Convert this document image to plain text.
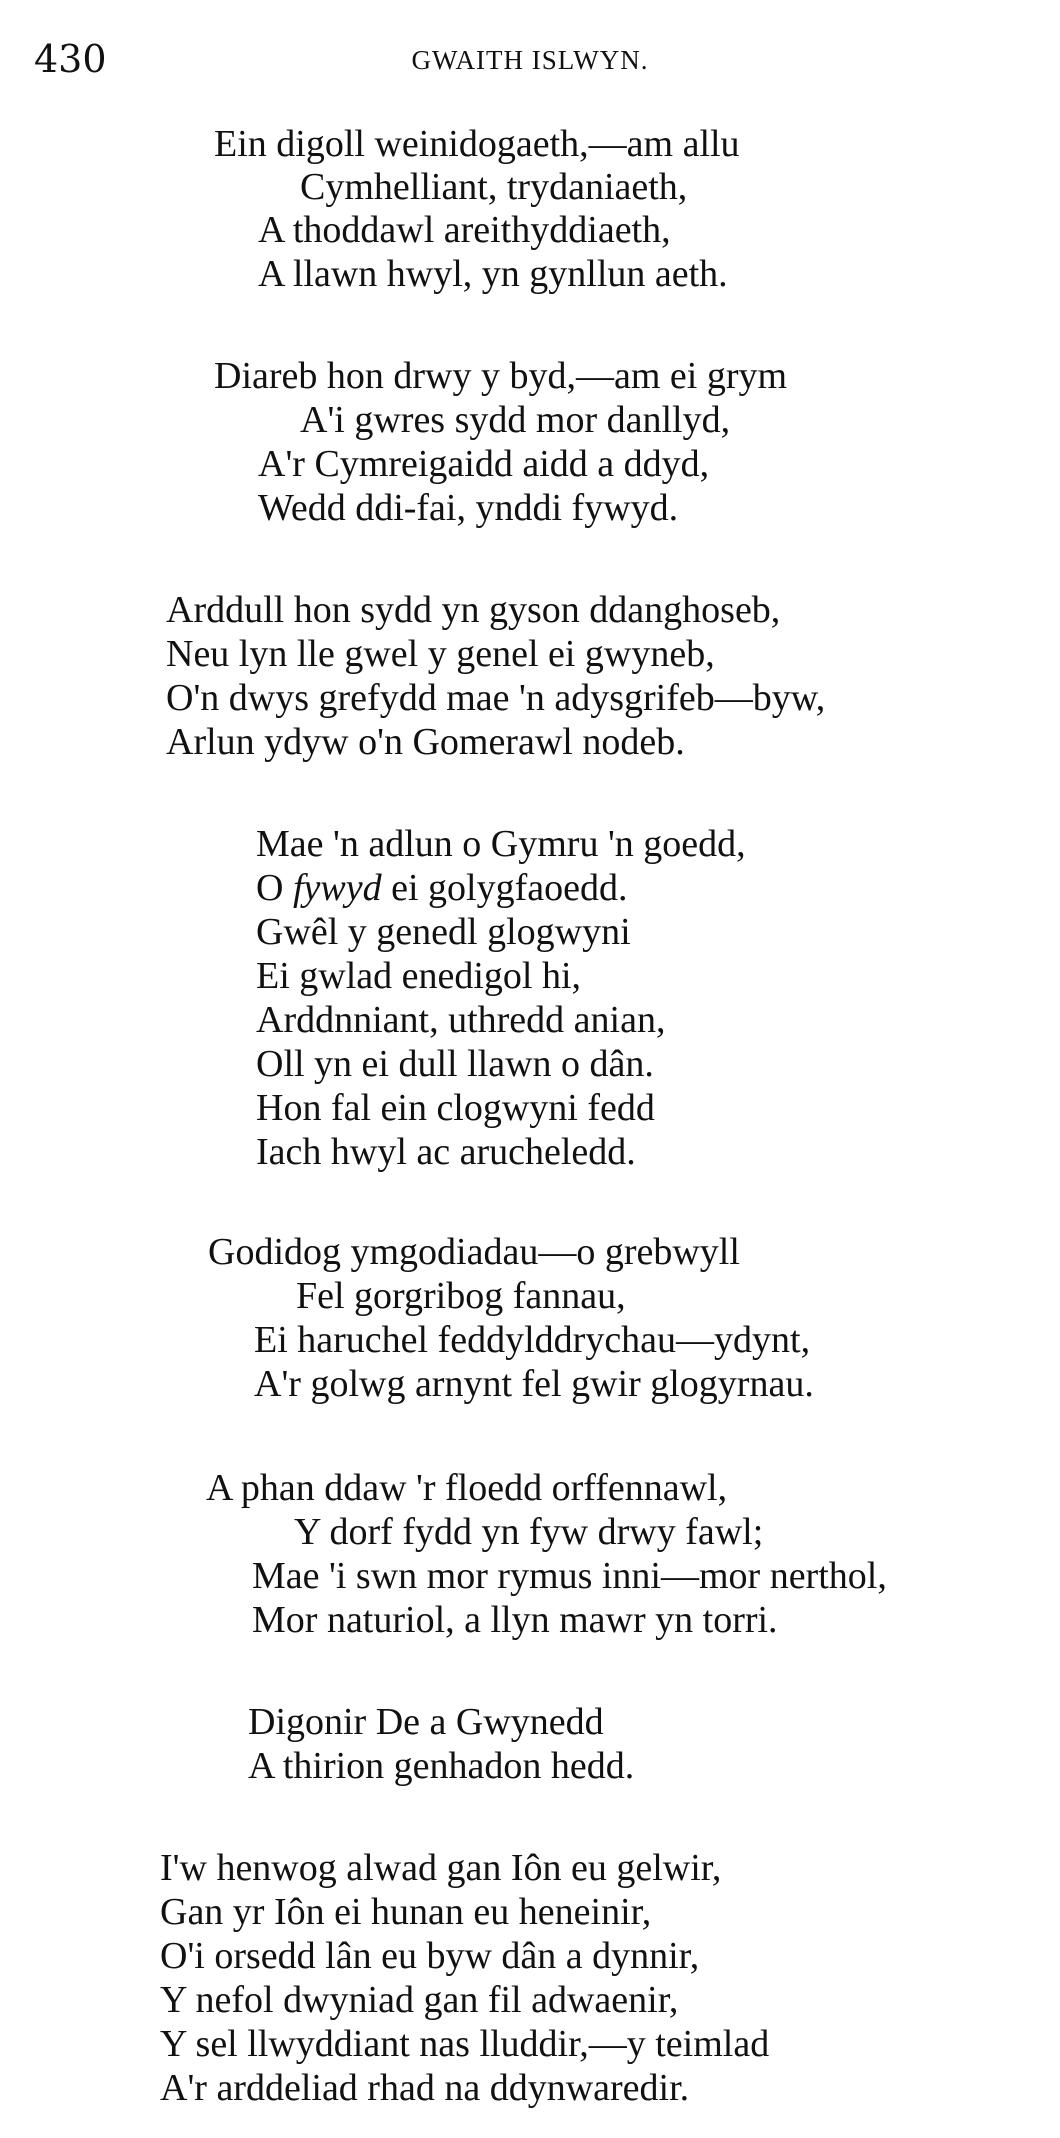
430	GWAITH ISLWYN.
Ein digoll weinidogaeth,—am allu
Cymhelliant, trydaniaeth,
A thoddawl areithyddiaeth,
A llawn hwyl, yn gynllun aeth.
Diareb hon drwy y byd,—am ei grym
A'i gwres sydd mor danllyd,
A'r Cymreigaidd aidd a ddyd,
Wedd ddi-fai, ynddi fywyd.
Arddull hon sydd yn gyson ddanghoseb,
Neu lyn lle gwel y genel ei gwyneb,
O'n dwys grefydd mae 'n adysgrifeb—byw,
Arlun ydyw o'n Gomerawl nodeb.
Mae 'n adlun o Gymru 'n goedd,
O fywyd ei golygfaoedd.
Gwêl y genedl glogwyni
Ei gwlad enedigol hi,
Arddnniant, uthredd anian,
Oll yn ei dull llawn o dân.
Hon fal ein clogwyni fedd
Iach hwyl ac arucheledd.
Godidog ymgodiadau—o grebwyll
Fel gorgribog fannau,
Ei haruchel feddylddrychau—ydynt,
A'r golwg arnynt fel gwir glogyrnau.
A phan ddaw 'r floedd orffennawl,
Y dorf fydd yn fyw drwy fawl;
Mae 'i swn mor rymus inni—mor nerthol,
Mor naturiol, a llyn mawr yn torri.
Digonir De a Gwynedd
A thirion genhadon hedd.
I'w henwog alwad gan Iôn eu gelwir,
Gan yr Iôn ei hunan eu heneinir,
O'i orsedd lân eu byw dân a dynnir,
Y nefol dwyniad gan fil adwaenir,
Y sel llwyddiant nas lluddir,—y teimlad
A'r arddeliad rhad na ddynwaredir.
